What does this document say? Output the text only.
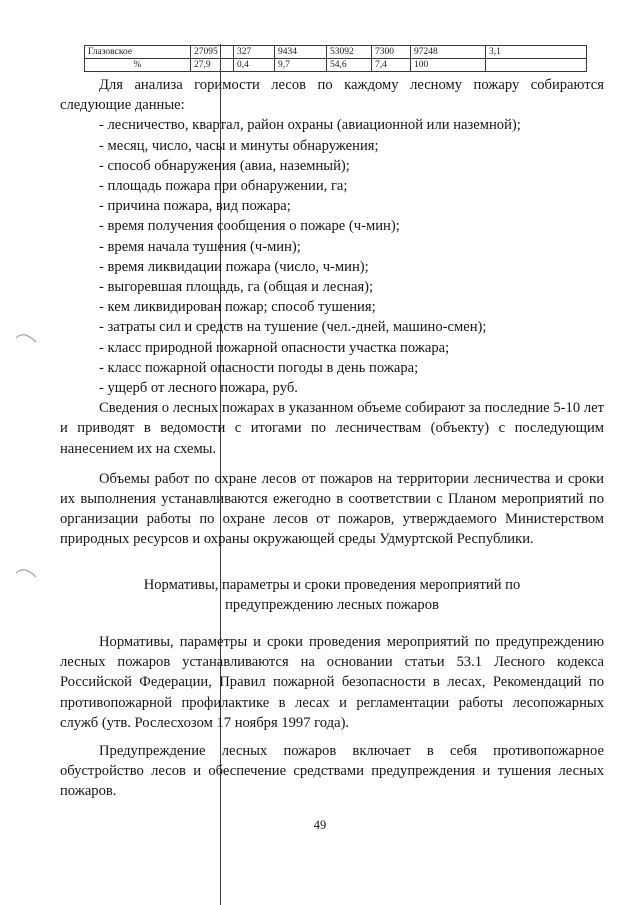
Глазовское	27095	327	9434	53092	7300	97248	3,1
%	27,9	0,4	9,7	54,6	7,4	100	

Для анализа горимости лесов по каждому лесному пожару собираются следующие данные:

- лесничество, квартал, район охраны (авиационной или наземной);

- месяц, число, часы и минуты обнаружения;

- способ обнаружения (авиа, наземный);

- площадь пожара при обнаружении, га;

- причина пожара, вид пожара;

- время получения сообщения о пожаре (ч-мин);

- время начала тушения (ч-мин);

- время ликвидации пожара (число, ч-мин);

- выгоревшая площадь, га (общая и лесная);

- кем ликвидирован пожар; способ тушения;

- затраты сил и средств на тушение (чел.-дней, машино-смен);

- класс природной пожарной опасности участка пожара;

- класс пожарной опасности погоды в день пожара;

- ущерб от лесного пожара, руб.

Сведения о лесных пожарах в указанном объеме собирают за последние 5-10 лет и приводят в ведомости с итогами по лесничествам (объекту) с последующим нанесением их на схемы.

Объемы работ по охране лесов от пожаров на территории лесничества и сроки их выполнения устанавливаются ежегодно в соответствии с Планом мероприятий по организации работы по охране лесов от пожаров, утверждаемого Министерством природных ресурсов и охраны окружающей среды Удмуртской Республики.

Нормативы, параметры и сроки проведения мероприятий по
предупреждению лесных пожаров

Нормативы, параметры и сроки проведения мероприятий по предупреждению лесных пожаров устанавливаются на основании статьи 53.1 Лесного кодекса Российской Федерации, Правил пожарной безопасности в лесах, Рекомендаций по противопожарной профилактике в лесах и регламентации работы лесопожарных служб (утв. Рослесхозом 17 ноября 1997 года).

Предупреждение лесных пожаров включает в себя противопожарное обустройство лесов и обеспечение средствами предупреждения и тушения лесных пожаров.

49
